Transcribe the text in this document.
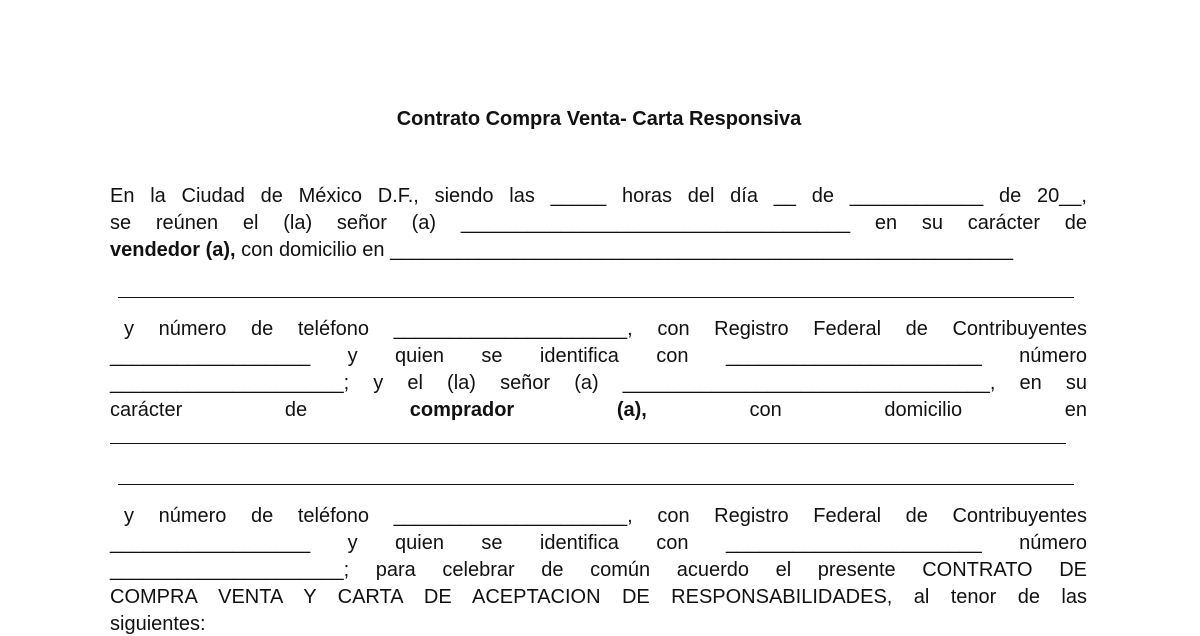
Contrato Compra Venta- Carta Responsiva
En la Ciudad de México D.F., siendo las _____ horas del día __ de ____________ de 20__,
se reúnen el (la) señor (a) ___________________________________ en su carácter de
vendedor (a), con domicilio en ________________________________________________________
y número de teléfono _____________________, con Registro Federal de Contribuyentes
__________________ y quien se identifica con _______________________ número
_____________________; y el (la) señor (a) _________________________________, en su
carácter	de	comprador	(a),	con	domicilio	en
y número de teléfono _____________________, con Registro Federal de Contribuyentes
__________________ y quien se identifica con _______________________ número
_____________________; para celebrar de común acuerdo el presente CONTRATO DE
COMPRA VENTA Y CARTA DE ACEPTACION DE RESPONSABILIDADES, al tenor de las
siguientes:
